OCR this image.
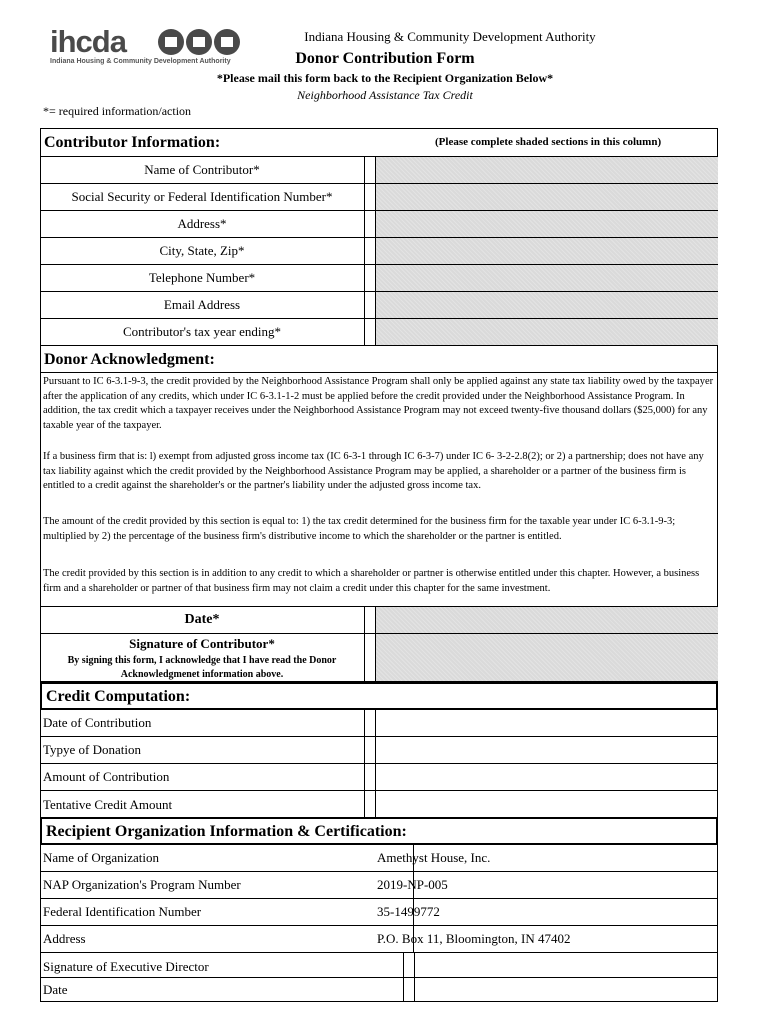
ihcda
Indiana Housing & Community Development Authority
Indiana Housing & Community Development Authority
Donor Contribution Form
*Please mail this form back to the Recipient Organization Below*
Neighborhood Assistance Tax Credit
*= required information/action
Contributor Information:	(Please complete shaded sections in this column)
Name of Contributor*
Social Security or Federal Identification Number*
Address*
City, State, Zip*
Telephone Number*
Email Address
Contributor's tax year ending*
Donor Acknowledgment:
Pursuant to IC 6-3.1-9-3, the credit provided by the Neighborhood Assistance Program shall only be applied against any state tax liability owed by the taxpayer after the application of any credits, which under IC 6-3.1-1-2 must be applied before the credit provided under the Neighborhood Assistance Program. In addition, the tax credit which a taxpayer receives under the Neighborhood Assistance Program may not exceed twenty-five thousand dollars ($25,000) for any taxable year of the taxpayer.
If a business firm that is: l) exempt from adjusted gross income tax (IC 6-3-1 through IC 6-3-7) under IC 6- 3-2-2.8(2); or 2) a partnership; does not have any tax liability against which the credit provided by the Neighborhood Assistance Program may be applied, a shareholder or a partner of the business firm is entitled to a credit against the shareholder's or the partner's liability under the adjusted gross income tax.
The amount of the credit provided by this section is equal to: 1) the tax credit determined for the business firm for the taxable year under IC 6-3.1-9-3; multiplied by 2) the percentage of the business firm's distributive income to which the shareholder or the partner is entitled.
The credit provided by this section is in addition to any credit to which a shareholder or partner is otherwise entitled under this chapter. However, a business firm and a shareholder or partner of that business firm may not claim a credit under this chapter for the same investment.
Date*
Signature of Contributor*
By signing this form, I acknowledge that I have read the Donor Acknowledgmenet information above.
Credit Computation:
Date of Contribution
Typye of Donation
Amount of Contribution
Tentative Credit Amount
Recipient Organization Information & Certification:
Name of Organization	Amethyst House, Inc.
NAP Organization's Program Number	2019-NP-005
Federal Identification Number	35-1499772
Address	P.O. Box 11, Bloomington, IN 47402
Signature of Executive Director
Date
